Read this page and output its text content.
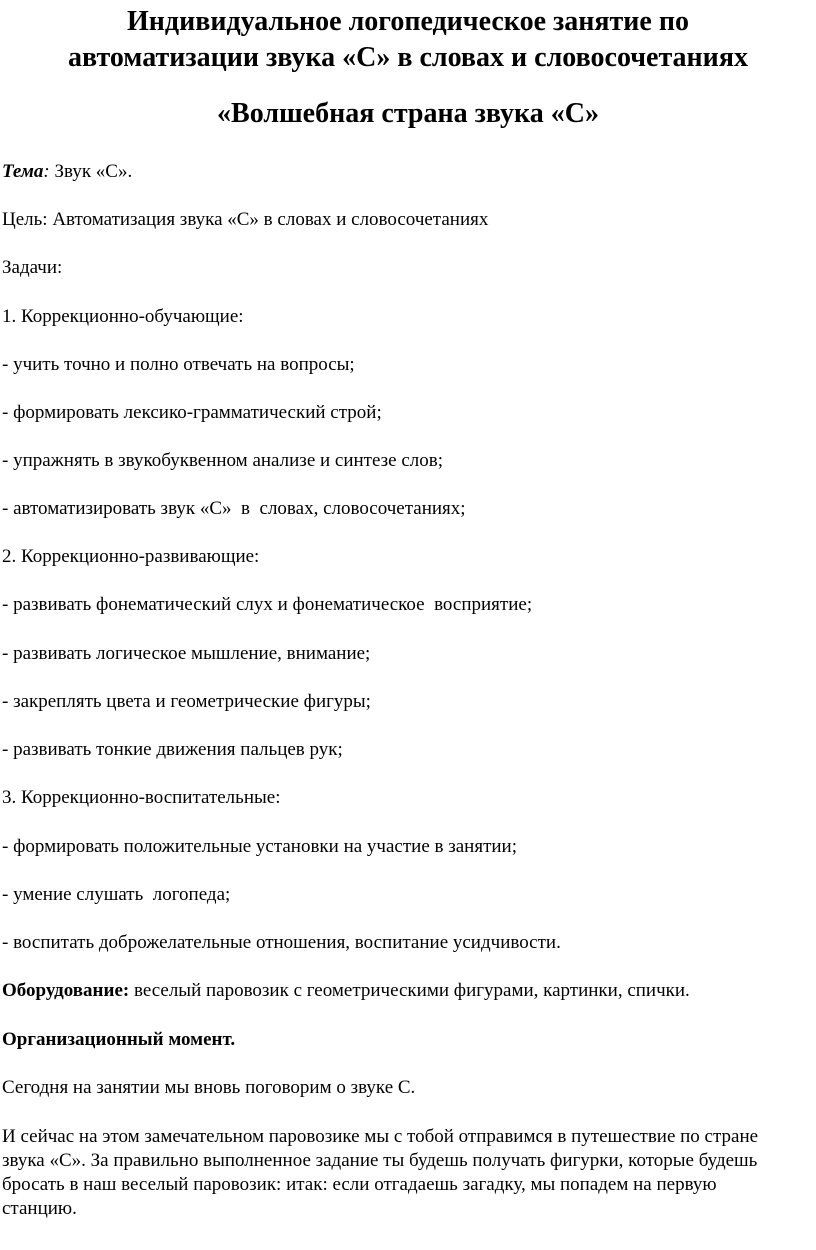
Индивидуальное логопедическое занятие по
автоматизации звука «С» в словах и словосочетаниях
«Волшебная страна звука «С»
Тема: Звук «С».
Цель: Автоматизация звука «С» в словах и словосочетаниях
Задачи:
1. Коррекционно-обучающие:
- учить точно и полно отвечать на вопросы;
- формировать лексико-грамматический строй;
- упражнять в звукобуквенном анализе и синтезе слов;
- автоматизировать звук «С»  в  словах, словосочетаниях;
2. Коррекционно-развивающие:
- развивать фонематический слух и фонематическое  восприятие;
- развивать логическое мышление, внимание;
- закреплять цвета и геометрические фигуры;
- развивать тонкие движения пальцев рук;
3. Коррекционно-воспитательные:
- формировать положительные установки на участие в занятии;
- умение слушать  логопеда;
- воспитать доброжелательные отношения, воспитание усидчивости.
Оборудование: веселый паровозик с геометрическими фигурами, картинки, спички.
Организационный момент.
Сегодня на занятии мы вновь поговорим о звуке С.
И сейчас на этом замечательном паровозике мы с тобой отправимся в путешествие по стране звука «С». За правильно выполненное задание ты будешь получать фигурки, которые будешь бросать в наш веселый паровозик: итак: если отгадаешь загадку, мы попадем на первую станцию.
